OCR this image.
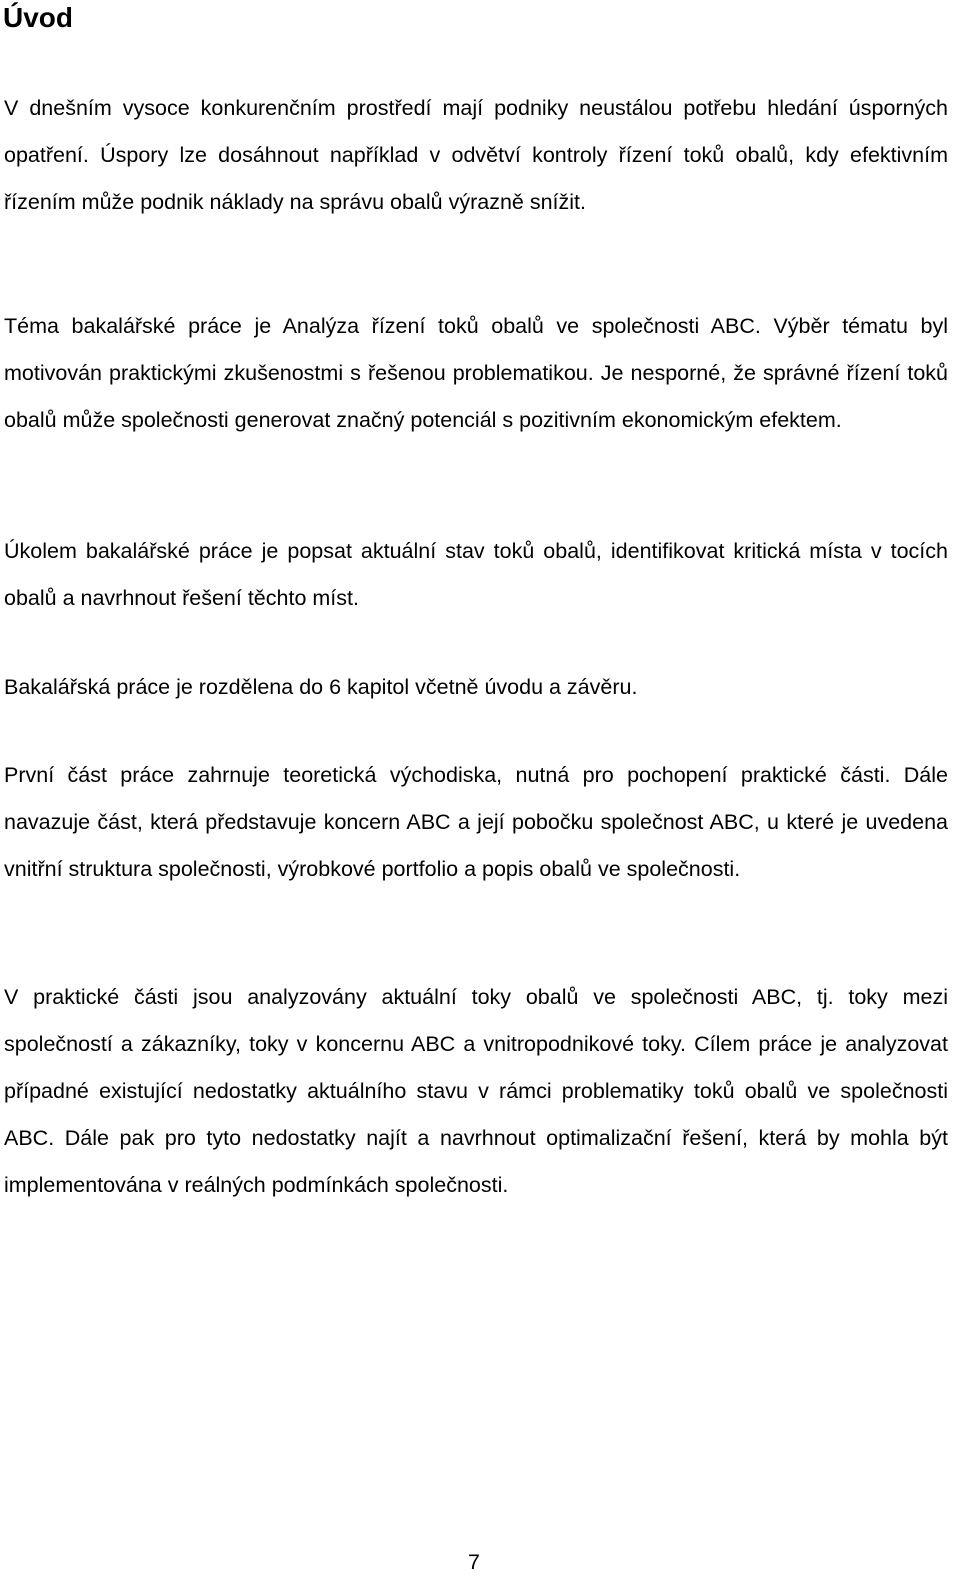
Úvod

V dnešním vysoce konkurenčním prostředí mají podniky neustálou potřebu hledání úsporných opatření. Úspory lze dosáhnout například v odvětví kontroly řízení toků obalů, kdy efektivním řízením může podnik náklady na správu obalů výrazně snížit.

Téma bakalářské práce je Analýza řízení toků obalů ve společnosti ABC. Výběr tématu byl motivován praktickými zkušenostmi s řešenou problematikou. Je nesporné, že správné řízení toků obalů může společnosti generovat značný potenciál s pozitivním ekonomickým efektem.

Úkolem bakalářské práce je popsat aktuální stav toků obalů, identifikovat kritická místa v tocích obalů a navrhnout řešení těchto míst.

Bakalářská práce je rozdělena do 6 kapitol včetně úvodu a závěru.

První část práce zahrnuje teoretická východiska, nutná pro pochopení praktické části. Dále navazuje část, která představuje koncern ABC a její pobočku společnost ABC, u které je uvedena vnitřní struktura společnosti, výrobkové portfolio a popis obalů ve společnosti.

V praktické části jsou analyzovány aktuální toky obalů ve společnosti ABC, tj. toky mezi společností a zákazníky, toky v koncernu ABC a vnitropodnikové toky. Cílem práce je analyzovat případné existující nedostatky aktuálního stavu v rámci problematiky toků obalů ve společnosti ABC. Dále pak pro tyto nedostatky najít a navrhnout optimalizační řešení, která by mohla být implementována v reálných podmínkách společnosti.

7
